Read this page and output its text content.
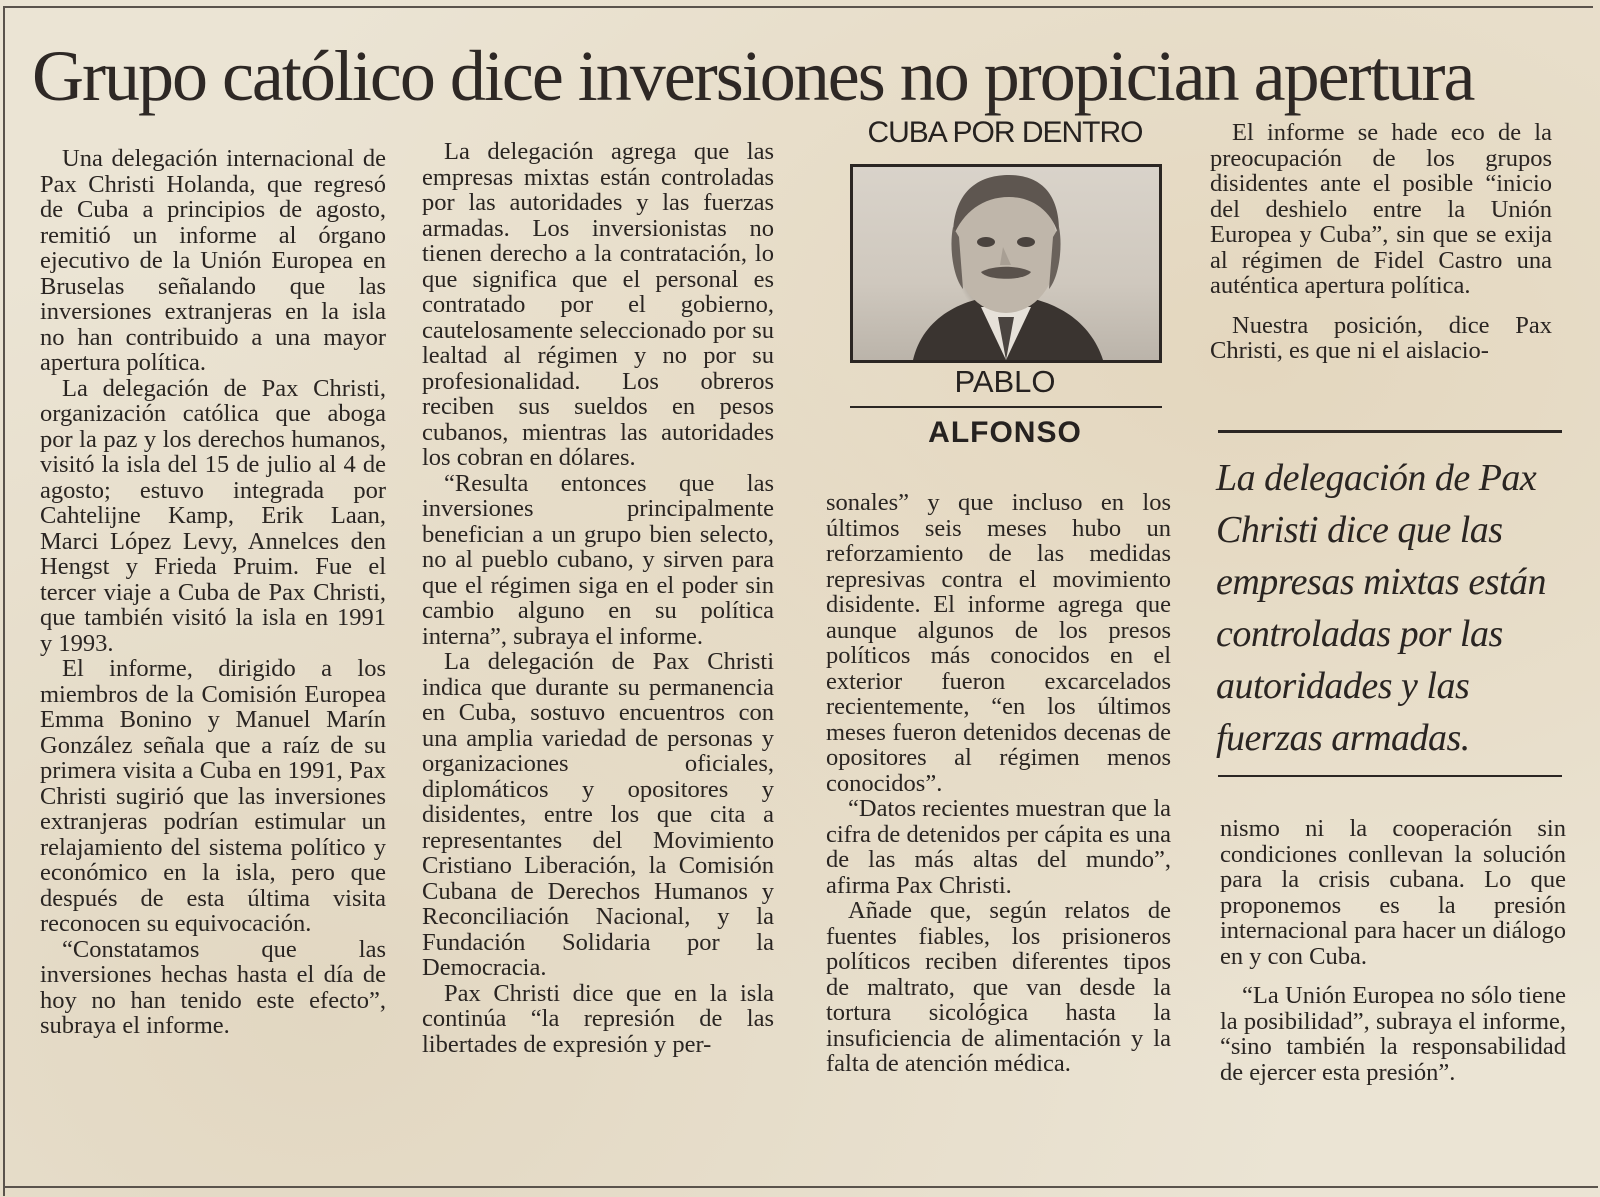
Grupo católico dice inversiones no propician apertura

Una delegación internacional de Pax Christi Holanda, que regresó de Cuba a principios de agosto, remitió un informe al órgano ejecutivo de la Unión Europea en Bruselas señalando que las inversiones extranjeras en la isla no han contribuido a una mayor apertura política.

La delegación de Pax Christi, organización católica que aboga por la paz y los derechos humanos, visitó la isla del 15 de julio al 4 de agosto; estuvo integrada por Cahtelijne Kamp, Erik Laan, Marci López Levy, Annelces den Hengst y Frieda Pruim. Fue el tercer viaje a Cuba de Pax Christi, que también visitó la isla en 1991 y 1993.

El informe, dirigido a los miembros de la Comisión Europea Emma Bonino y Manuel Marín González señala que a raíz de su primera visita a Cuba en 1991, Pax Christi sugirió que las inversiones extranjeras podrían estimular un relajamiento del sistema político y económico en la isla, pero que después de esta última visita reconocen su equivocación.

“Constatamos que las inversiones hechas hasta el día de hoy no han tenido este efecto”, subraya el informe.

La delegación agrega que las empresas mixtas están controladas por las autoridades y las fuerzas armadas. Los inversionistas no tienen derecho a la contratación, lo que significa que el personal es contratado por el gobierno, cautelosamente seleccionado por su lealtad al régimen y no por su profesionalidad. Los obreros reciben sus sueldos en pesos cubanos, mientras las autoridades los cobran en dólares.

“Resulta entonces que las inversiones principalmente benefician a un grupo bien selecto, no al pueblo cubano, y sirven para que el régimen siga en el poder sin cambio alguno en su política interna”, subraya el informe.

La delegación de Pax Christi indica que durante su permanencia en Cuba, sostuvo encuentros con una amplia variedad de personas y organizaciones oficiales, diplomáticos y opositores y disidentes, entre los que cita a representantes del Movimiento Cristiano Liberación, la Comisión Cubana de Derechos Humanos y Reconciliación Nacional, y la Fundación Solidaria por la Democracia.

Pax Christi dice que en la isla continúa “la represión de las libertades de expresión y per-

CUBA POR DENTRO
PABLO
ALFONSO

sonales” y que incluso en los últimos seis meses hubo un reforzamiento de las medidas represivas contra el movimiento disidente. El informe agrega que aunque algunos de los presos políticos más conocidos en el exterior fueron excarcelados recientemente, “en los últimos meses fueron detenidos decenas de opositores al régimen menos conocidos”.

“Datos recientes muestran que la cifra de detenidos per cápita es una de las más altas del mundo”, afirma Pax Christi.

Añade que, según relatos de fuentes fiables, los prisioneros políticos reciben diferentes tipos de maltrato, que van desde la tortura sicológica hasta la insuficiencia de alimentación y la falta de atención médica.

El informe se hade eco de la preocupación de los grupos disidentes ante el posible “inicio del deshielo entre la Unión Europea y Cuba”, sin que se exija al régimen de Fidel Castro una auténtica apertura política.

Nuestra posición, dice Pax Christi, es que ni el aislacio-

La delegación de Pax Christi dice que las empresas mixtas están controladas por las autoridades y las fuerzas armadas.

nismo ni la cooperación sin condiciones conllevan la solución para la crisis cubana. Lo que proponemos es la presión internacional para hacer un diálogo en y con Cuba.

“La Unión Europea no sólo tiene la posibilidad”, subraya el informe, “sino también la responsabilidad de ejercer esta presión”.
